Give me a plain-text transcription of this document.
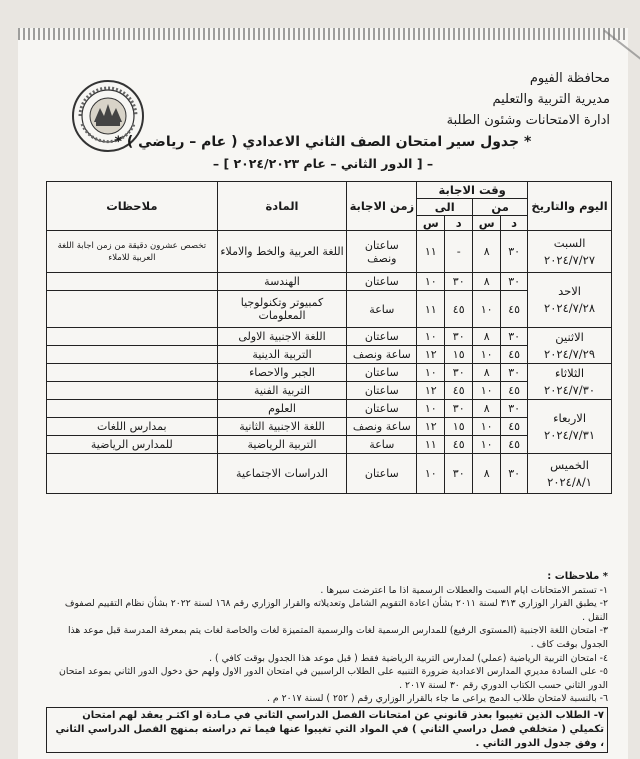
محافظة الفيوم
مديرية التربية والتعليم
ادارة الامتحانات وشئون الطلبة
* جدول سير امتحان الصف الثاني الاعدادي ( عام – رياضي ) *
– [ الدور الثاني – عام ٢٠٢٤/٢٠٢٣ ] –
اليوم والتاريخ	وقت الاجابة				زمن الاجابة	المادة	ملاحظات
	من		الى				
	د	س	د	س			

السبت
٢٠٢٤/٧/٢٧	٣٠	٨	-	١١	ساعتان ونصف	اللغة العربية والخط والاملاء	تخصص عشرون دقيقة من زمن اجابة اللغة العربية للاملاء

الاحد
٢٠٢٤/٧/٢٨	٣٠	٨	٣٠	١٠	ساعتان	الهندسة	
	٤٥	١٠	٤٥	١١	ساعة	كمبيوتر وتكنولوجيا المعلومات	

الاثنين
٢٠٢٤/٧/٢٩	٣٠	٨	٣٠	١٠	ساعتان	اللغة الاجنبية الاولى	
	٤٥	١٠	١٥	١٢	ساعة ونصف	التربية الدينية	

الثلاثاء
٢٠٢٤/٧/٣٠	٣٠	٨	٣٠	١٠	ساعتان	الجبر والاحصاء	
	٤٥	١٠	٤٥	١٢	ساعتان	التربية الفنية	

الاربعاء
٢٠٢٤/٧/٣١	٣٠	٨	٣٠	١٠	ساعتان	العلوم	
	٤٥	١٠	١٥	١٢	ساعة ونصف	اللغة الاجنبية الثانية	بمدارس اللغات
	٤٥	١٠	٤٥	١١	ساعة	التربية الرياضية	للمدارس الرياضية

الخميس
٢٠٢٤/٨/١	٣٠	٨	٣٠	١٠	ساعتان	الدراسات الاجتماعية	

* ملاحظات :

١- تستمر الامتحانات ايام السبت والعطلات الرسمية اذا ما اعترضت سيرها .

٢- يطبق القرار الوزاري ٣١٣ لسنة ٢٠١١ بشأن اعادة التقويم الشامل وتعديلاته والقرار الوزاري رقم ١٦٨ لسنة ٢٠٢٢ بشأن نظام التقييم لصفوف النقل .

٣- امتحان اللغة الاجنبية (المستوى الرفيع) للمدارس الرسمية لغات والرسمية المتميزة لغات والخاصة لغات يتم بمعرفة المدرسة قبل موعد هذا الجدول بوقت كاف .

٤- امتحان التربية الرياضية (عملي) لمدارس التربية الرياضية فقط ( قبل موعد هذا الجدول بوقت كافي ) .

٥- على السادة مديري المدارس الاعدادية ضرورة التنبيه على الطلاب الراسبين في امتحان الدور الاول ولهم حق دخول الدور الثاني بموعد امتحان الدور الثاني حسب الكتاب الدوري رقم ٣٠ لسنة ٢٠١٧ .

٦- بالنسبة لامتحان طلاب الدمج يراعى ما جاء بالقرار الوزاري رقم ( ٢٥٢ ) لسنة ٢٠١٧ م .

٧- الطلاب الذين تغيبوا بعذر قانوني عن امتحانات الفصل الدراسي الثاني في مـادة او اكثـر يعقد لهم امتحان تكميلي ( متخلفي فصل دراسي الثاني ) في المواد التي تغيبوا عنها فيما تم دراسته بمنهج الفصل الدراسي الثاني ، وفق جدول الدور الثاني .
